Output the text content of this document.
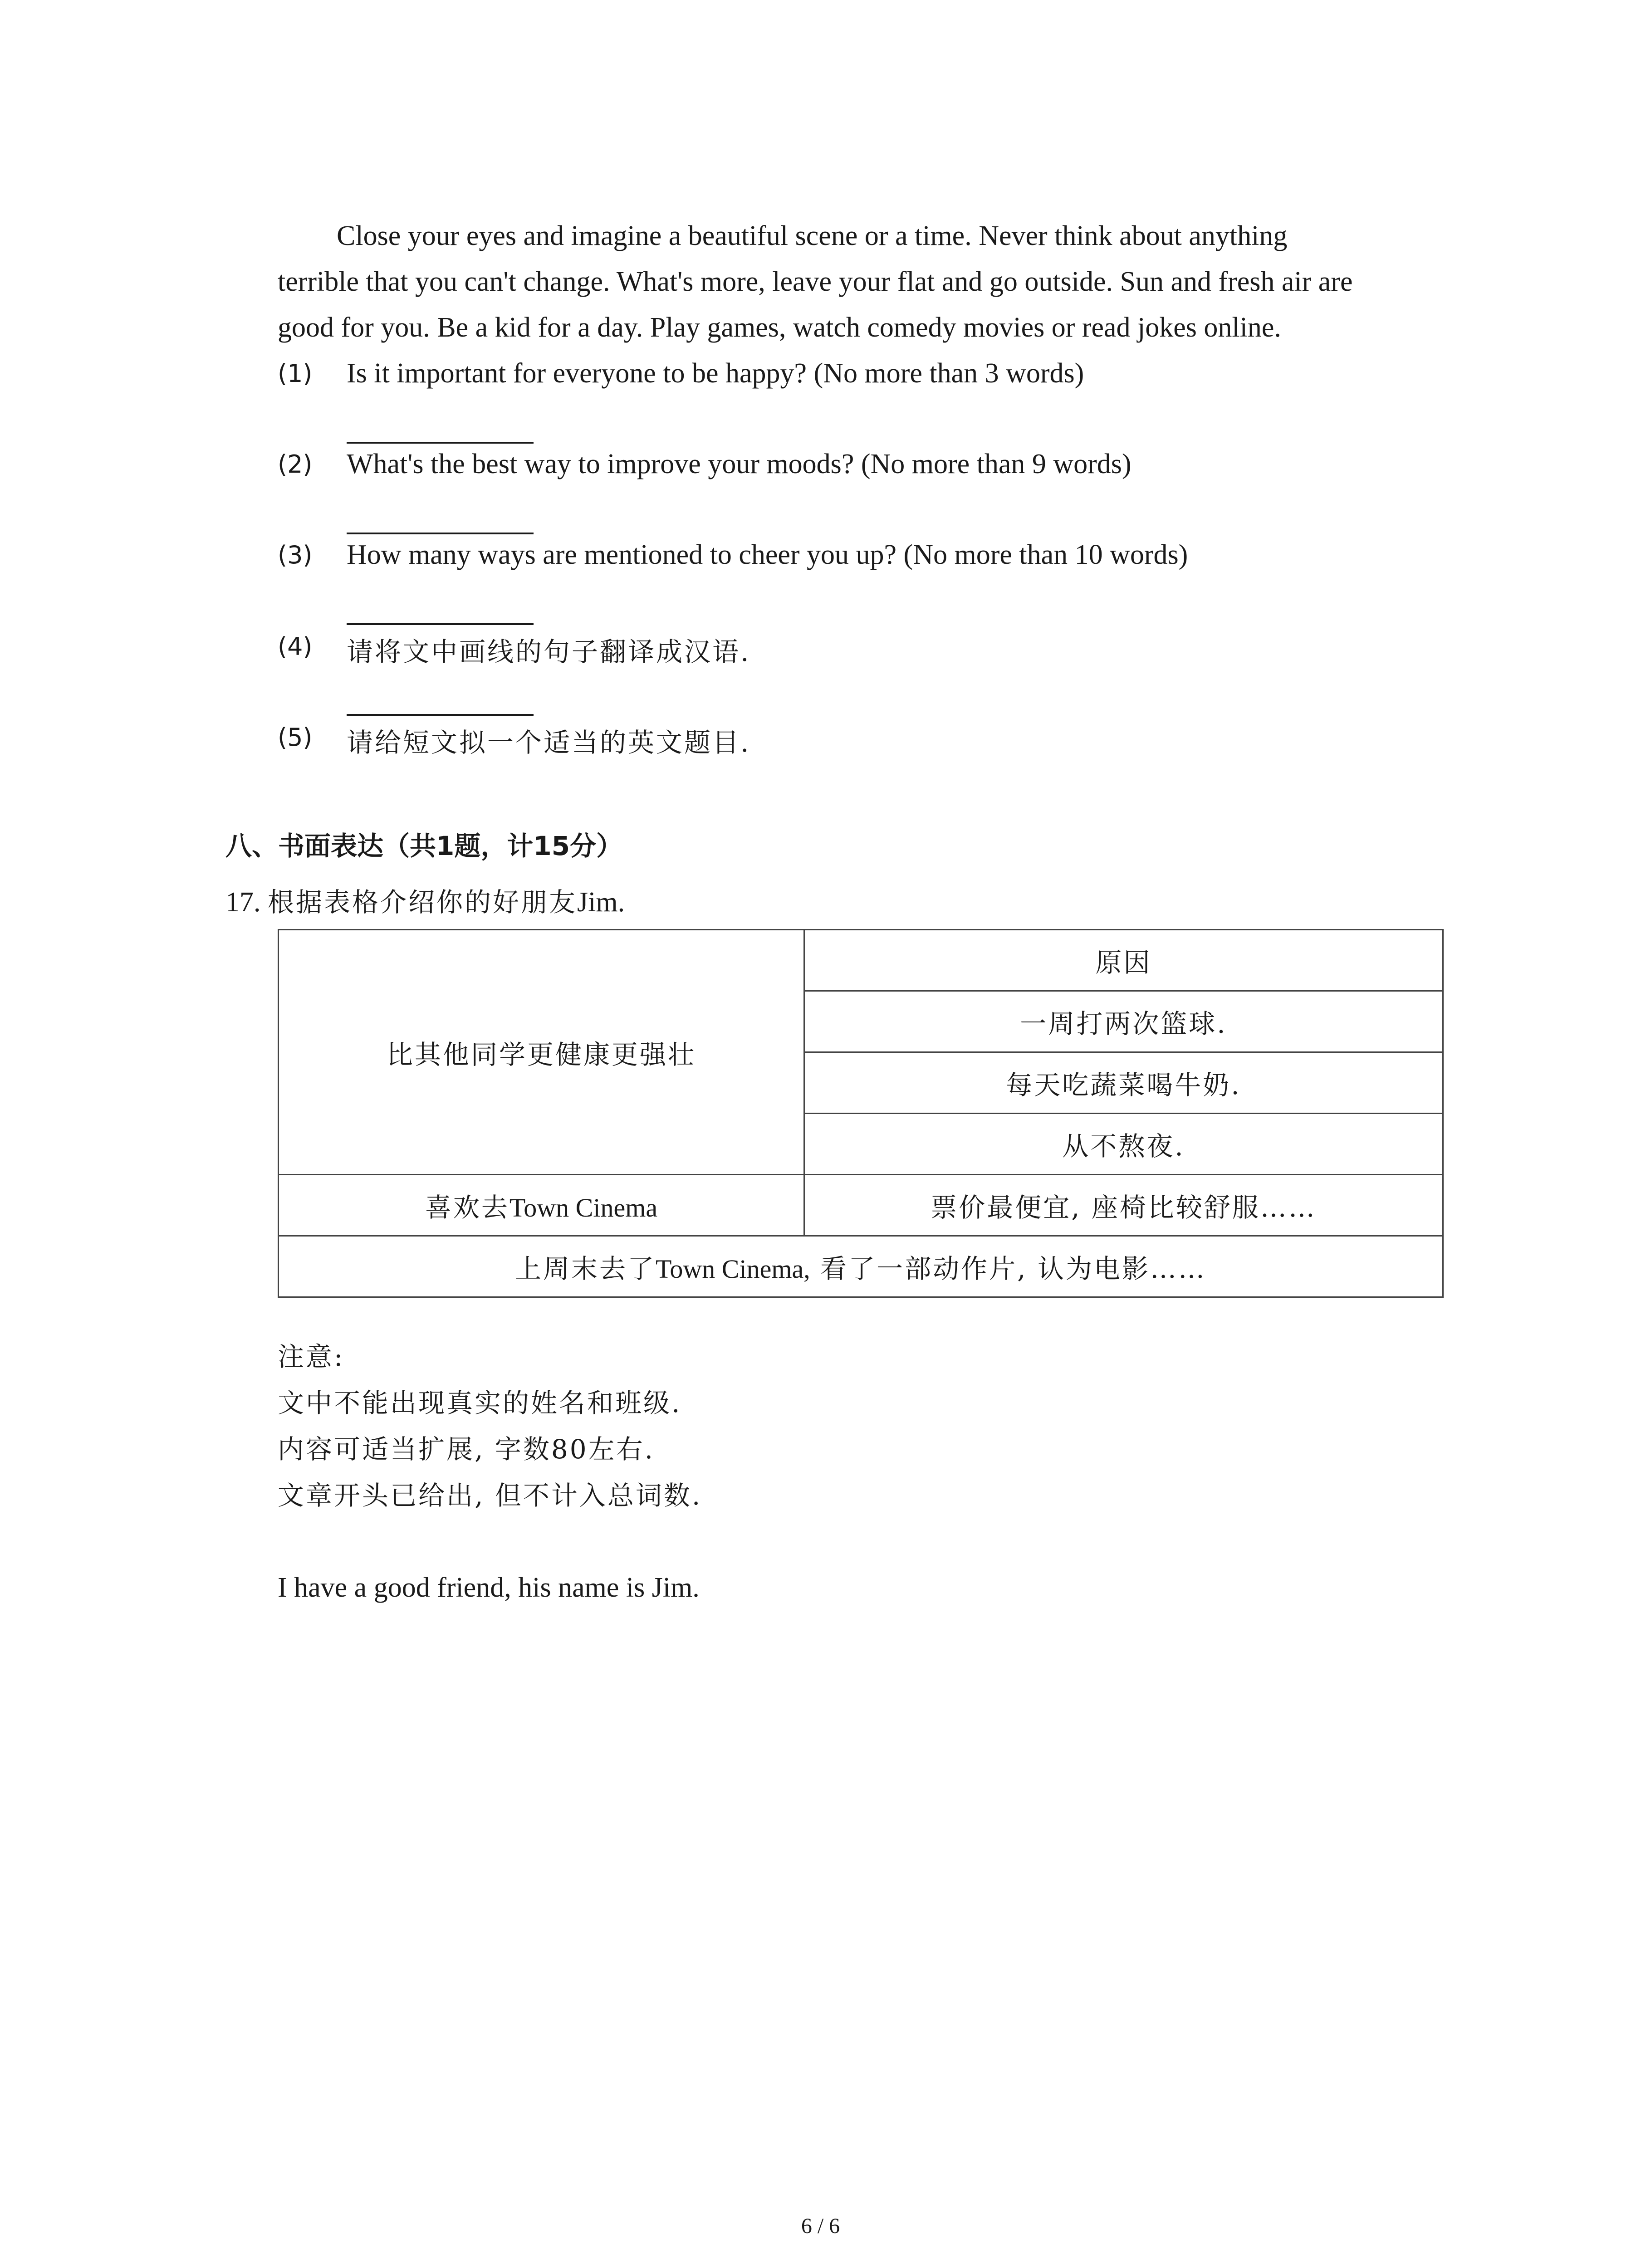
Close your eyes and imagine a beautiful scene or a time. Never think about anything
terrible that you can't change. What's more, leave your flat and go outside. Sun and fresh air are
good for you. Be a kid for a day. Play games, watch comedy movies or read jokes online.
(1) Is it important for everyone to be happy? (No more than 3 words)
(2) What's the best way to improve your moods? (No more than 9 words)
(3) How many ways are mentioned to cheer you up? (No more than 10 words)
(4) 请将文中画线的句子翻译成汉语.
(5) 请给短文拟一个适当的英文题目.
八、书面表达（共1题，计15分）
17. 根据表格介绍你的好朋友Jim.
比其他同学更健康更强壮	原因
	一周打两次篮球.
	每天吃蔬菜喝牛奶.
	从不熬夜.
喜欢去Town Cinema	票价最便宜, 座椅比较舒服……
上周末去了Town Cinema, 看了一部动作片, 认为电影……	
注意:
文中不能出现真实的姓名和班级.
内容可适当扩展, 字数80左右.
文章开头已给出, 但不计入总词数.
I have a good friend, his name is Jim.
6 / 6
